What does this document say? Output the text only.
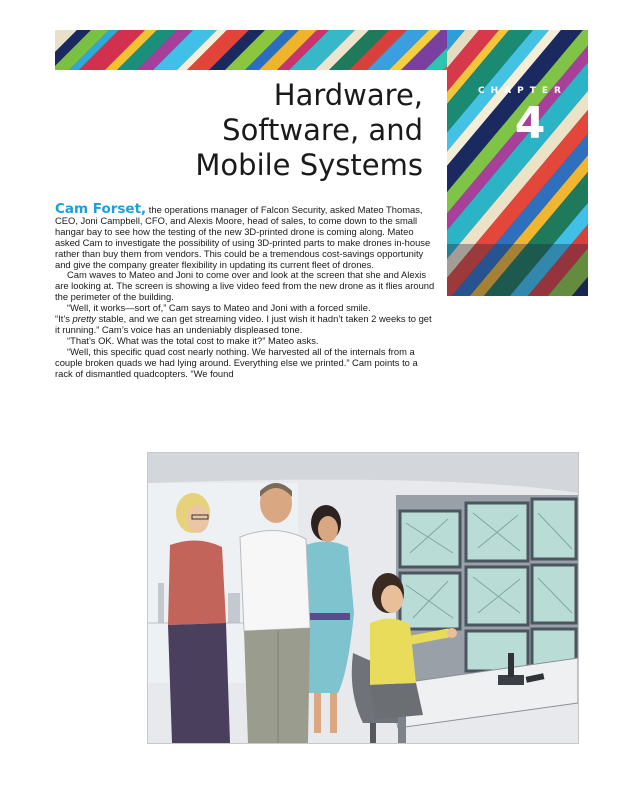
CHAPTER
4
Hardware,
Software, and
Mobile Systems

Cam Forset, the operations manager of Falcon Security, asked Mateo Thomas, CEO, Joni Campbell, CFO, and Alexis Moore, head of sales, to come down to the small hangar bay to see how the testing of the new 3D-printed drone is coming along. Mateo asked Cam to investigate the possibility of using 3D-printed parts to make drones in-house rather than buy them from vendors. This could be a tremendous cost-savings opportunity and give the company greater flexibility in updating its current fleet of drones.

Cam waves to Mateo and Joni to come over and look at the screen that she and Alexis are looking at. The screen is showing a live video feed from the new drone as it flies around the perimeter of the building.

“Well, it works—sort of,” Cam says to Mateo and Joni with a forced smile.

“It’s pretty stable, and we can get streaming video. I just wish it hadn’t taken 2 weeks to get it running.” Cam’s voice has an undeniably displeased tone.

“That’s OK. What was the total cost to make it?” Mateo asks.

“Well, this specific quad cost nearly nothing. We harvested all of the internals from a couple broken quads we had lying around. Everything else we printed.” Cam points to a rack of dismantled quadcopters. “We found
